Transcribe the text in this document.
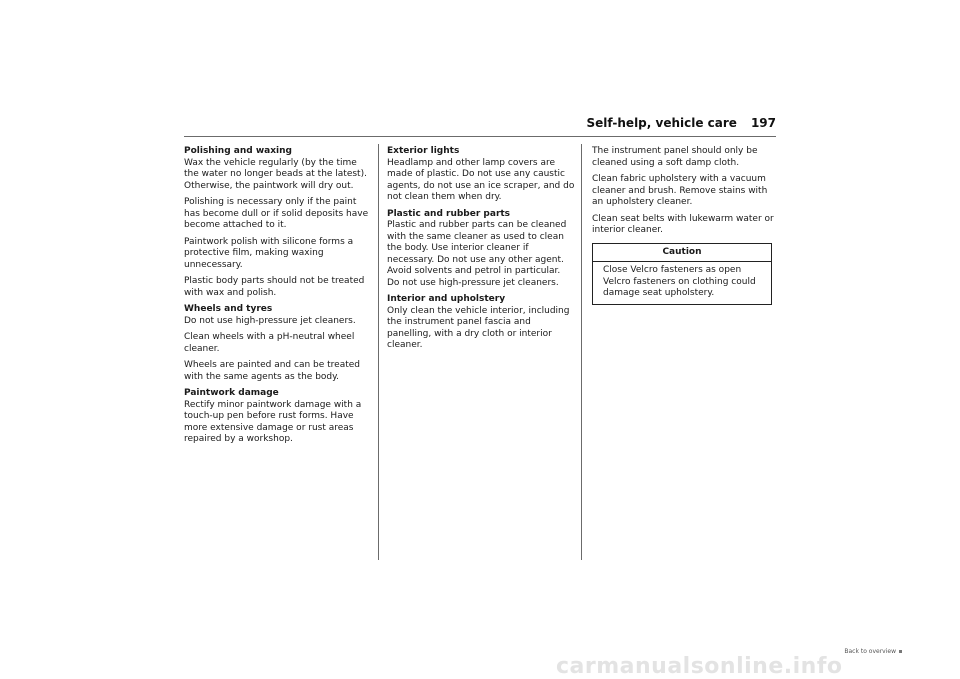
Self-help, vehicle care 197

Polishing and waxing
Wax the vehicle regularly (by the time the water no longer beads at the latest). Otherwise, the paintwork will dry out.

Polishing is necessary only if the paint has become dull or if solid deposits have become attached to it.

Paintwork polish with silicone forms a protective film, making waxing unnecessary.

Plastic body parts should not be treated with wax and polish.

Wheels and tyres
Do not use high-pressure jet cleaners.

Clean wheels with a pH-neutral wheel cleaner.

Wheels are painted and can be treated with the same agents as the body.

Paintwork damage
Rectify minor paintwork damage with a touch-up pen before rust forms. Have more extensive damage or rust areas repaired by a workshop.

Exterior lights
Headlamp and other lamp covers are made of plastic. Do not use any caustic agents, do not use an ice scraper, and do not clean them when dry.

Plastic and rubber parts
Plastic and rubber parts can be cleaned with the same cleaner as used to clean the body. Use interior cleaner if necessary. Do not use any other agent. Avoid solvents and petrol in particular. Do not use high-pressure jet cleaners.

Interior and upholstery
Only clean the vehicle interior, including the instrument panel fascia and panelling, with a dry cloth or interior cleaner.

The instrument panel should only be cleaned using a soft damp cloth.

Clean fabric upholstery with a vacuum cleaner and brush. Remove stains with an upholstery cleaner.

Clean seat belts with lukewarm water or interior cleaner.

Caution
Close Velcro fasteners as open Velcro fasteners on clothing could damage seat upholstery.
Back to overview
carmanualsonline.info
